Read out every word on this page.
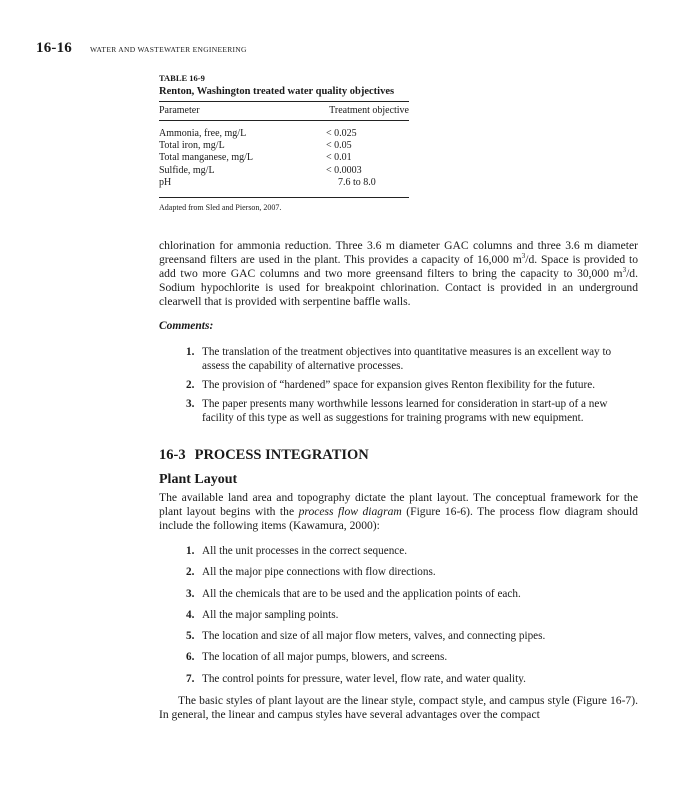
16-16 WATER AND WASTEWATER ENGINEERING
TABLE 16-9
Renton, Washington treated water quality objectives
Parameter	Treatment objective
Ammonia, free, mg/L	< 0.025
Total iron, mg/L	< 0.05
Total manganese, mg/L	< 0.01
Sulfide, mg/L	< 0.0003
pH	7.6 to 8.0
Adapted from Sled and Pierson, 2007.
chlorination for ammonia reduction. Three 3.6 m diameter GAC columns and three 3.6 m diameter greensand filters are used in the plant. This provides a capacity of 16,000 $m^3/d$. Space is provided to add two more GAC columns and two more greensand filters to bring the capacity to 30,000 $m^3/d$. Sodium hypochlorite is used for breakpoint chlorination. Contact is provided in an underground clearwell that is provided with serpentine baffle walls.
Comments:
1. The translation of the treatment objectives into quantitative measures is an excellent way to assess the capability of alternative processes.
2. The provision of “hardened” space for expansion gives Renton flexibility for the future.
3. The paper presents many worthwhile lessons learned for consideration in start-up of a new facility of this type as well as suggestions for training programs with new equipment.
16-3 PROCESS INTEGRATION
Plant Layout
The available land area and topography dictate the plant layout. The conceptual framework for the plant layout begins with the process flow diagram (Figure 16-6). The process flow diagram should include the following items (Kawamura, 2000):
1. All the unit processes in the correct sequence.
2. All the major pipe connections with flow directions.
3. All the chemicals that are to be used and the application points of each.
4. All the major sampling points.
5. The location and size of all major flow meters, valves, and connecting pipes.
6. The location of all major pumps, blowers, and screens.
7. The control points for pressure, water level, flow rate, and water quality.
The basic styles of plant layout are the linear style, compact style, and campus style (Figure 16-7). In general, the linear and campus styles have several advantages over the compact
